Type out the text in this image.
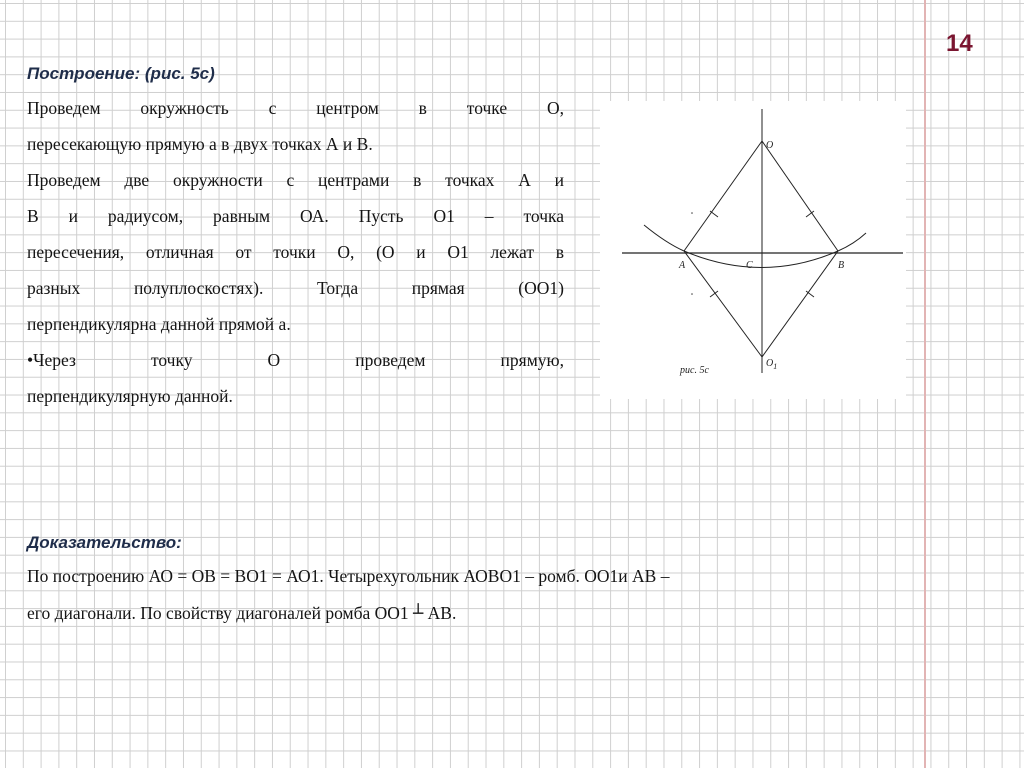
14
Построение: (рис. 5с)
Проведем окружность с центром в точке О,
пересекающую прямую а в двух точках А и В.
Проведем две окружности с центрами в точках А и
В и радиусом, равным ОА. Пусть О1 – точка
пересечения, отличная от точки О, (О и О1 лежат в
разных полуплоскостях). Тогда прямая (ОО1)
перпендикулярна данной прямой а.
•Через точку О проведем прямую,
перпендикулярную данной.
O
A	C	B
$O_1$
рис. 5с
Доказательство:
По построению АО = ОВ = ВО1 = АО1. Четырехугольник АОВО1 – ромб. ОО1и АВ –
его диагонали. По свойству диагоналей ромба ОО1 ┴ АВ.
